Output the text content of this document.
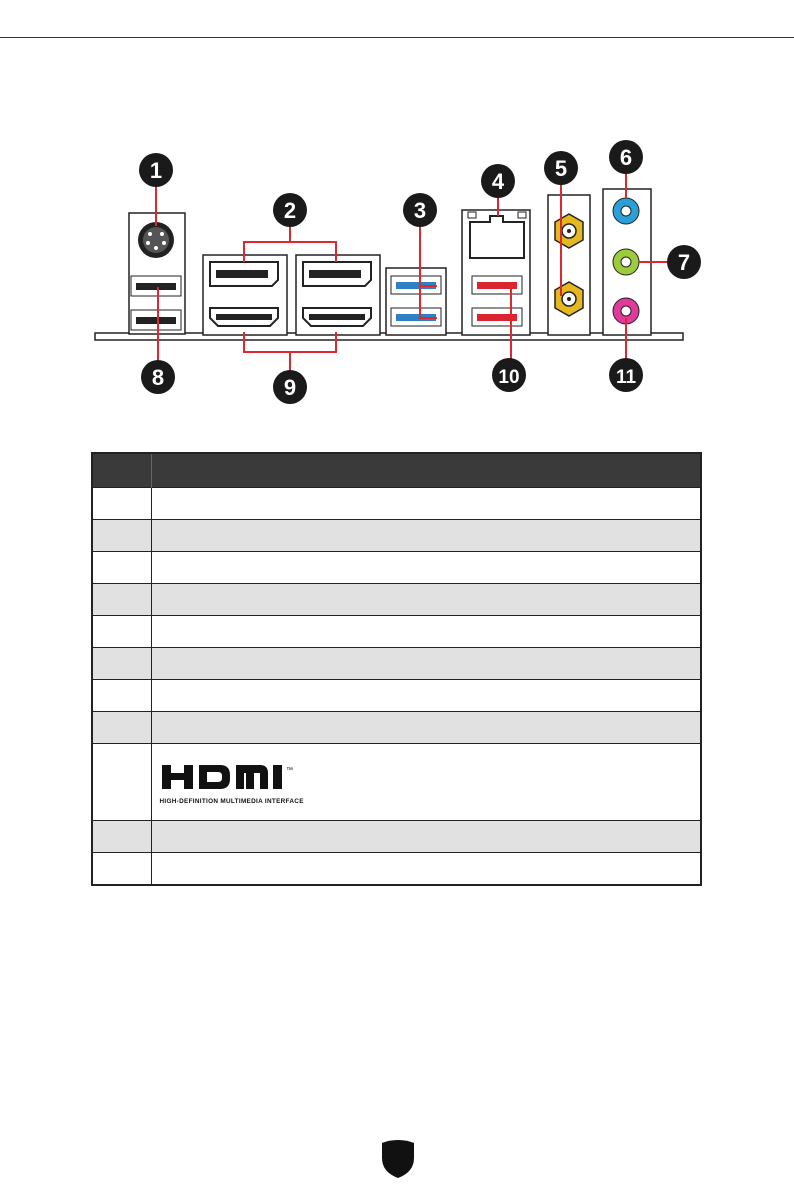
1
2	3
4
5 6
7
8	9	10	11

™
HIGH-DEFINITION MULTIMEDIA INTERFACE
